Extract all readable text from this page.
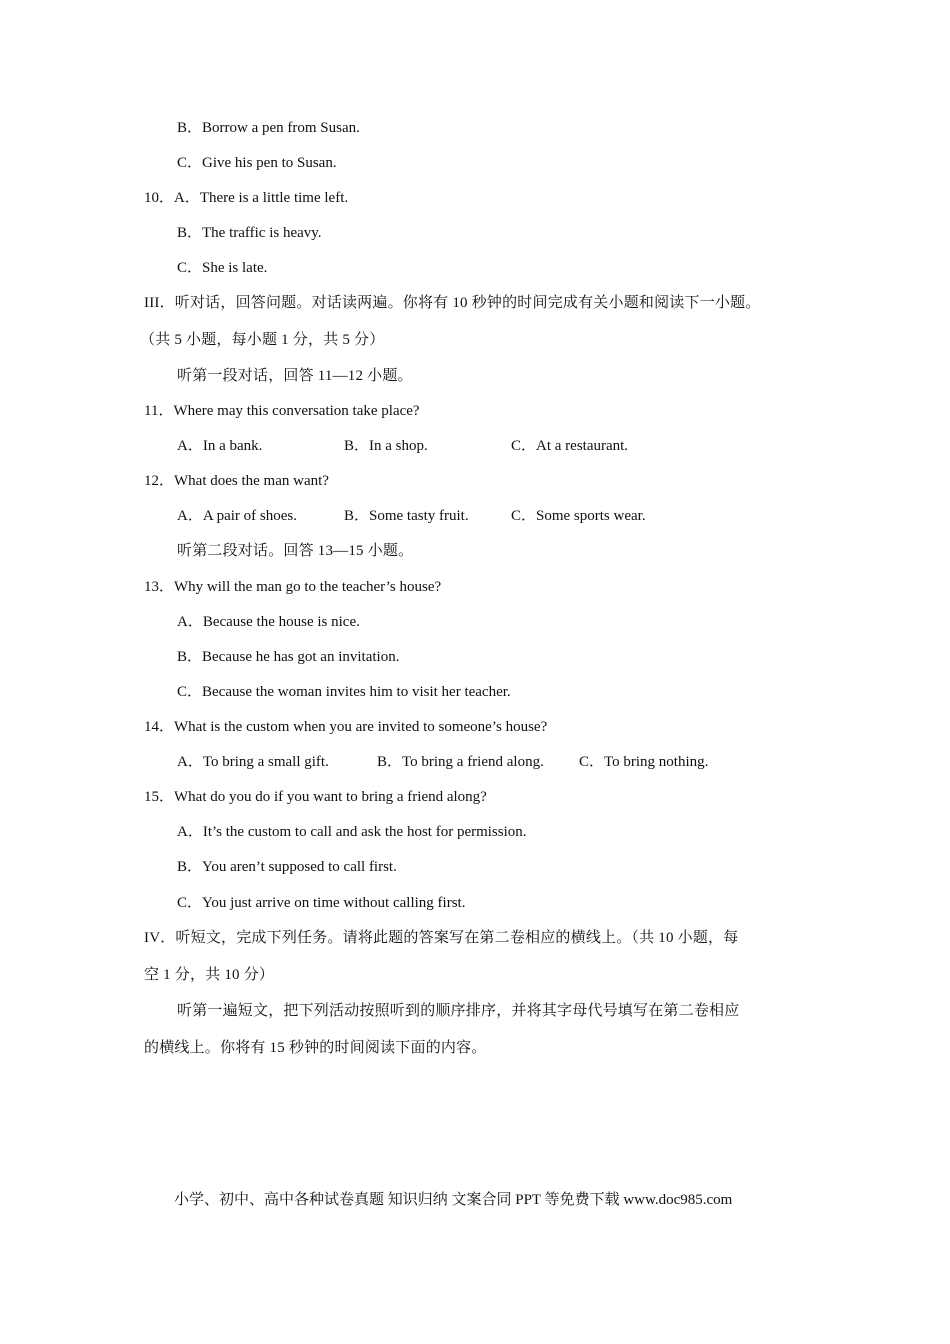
B．Borrow a pen from Susan.
C．Give his pen to Susan.
10．A．There is a little time left.
B．The traffic is heavy.
C．She is late.
III．听对话，回答问题。对话读两遍。你将有 10 秒钟的时间完成有关小题和阅读下一小题。
（共 5 小题，每小题 1 分，共 5 分）
听第一段对话，回答 11—12 小题。
11．Where may this conversation take place?
A．In a bank.	B．In a shop.	C．At a restaurant.
12．What does the man want?
A．A pair of shoes.	B．Some tasty fruit.	C．Some sports wear.
听第二段对话。回答 13—15 小题。
13．Why will the man go to the teacher’s house?
A．Because the house is nice.
B．Because he has got an invitation.
C．Because the woman invites him to visit her teacher.
14．What is the custom when you are invited to someone’s house?
A．To bring a small gift.	B．To bring a friend along. C．To bring nothing.
15．What do you do if you want to bring a friend along?
A．It’s the custom to call and ask the host for permission.
B．You aren’t supposed to call first.
C．You just arrive on time without calling first.
IV．听短文，完成下列任务。请将此题的答案写在第二卷相应的横线上。（共 10 小题，每
空 1 分，共 10 分）
听第一遍短文，把下列活动按照听到的顺序排序，并将其字母代号填写在第二卷相应
的横线上。你将有 15 秒钟的时间阅读下面的内容。
小学、初中、高中各种试卷真题 知识归纳 文案合同 PPT 等免费下载 www.doc985.com
